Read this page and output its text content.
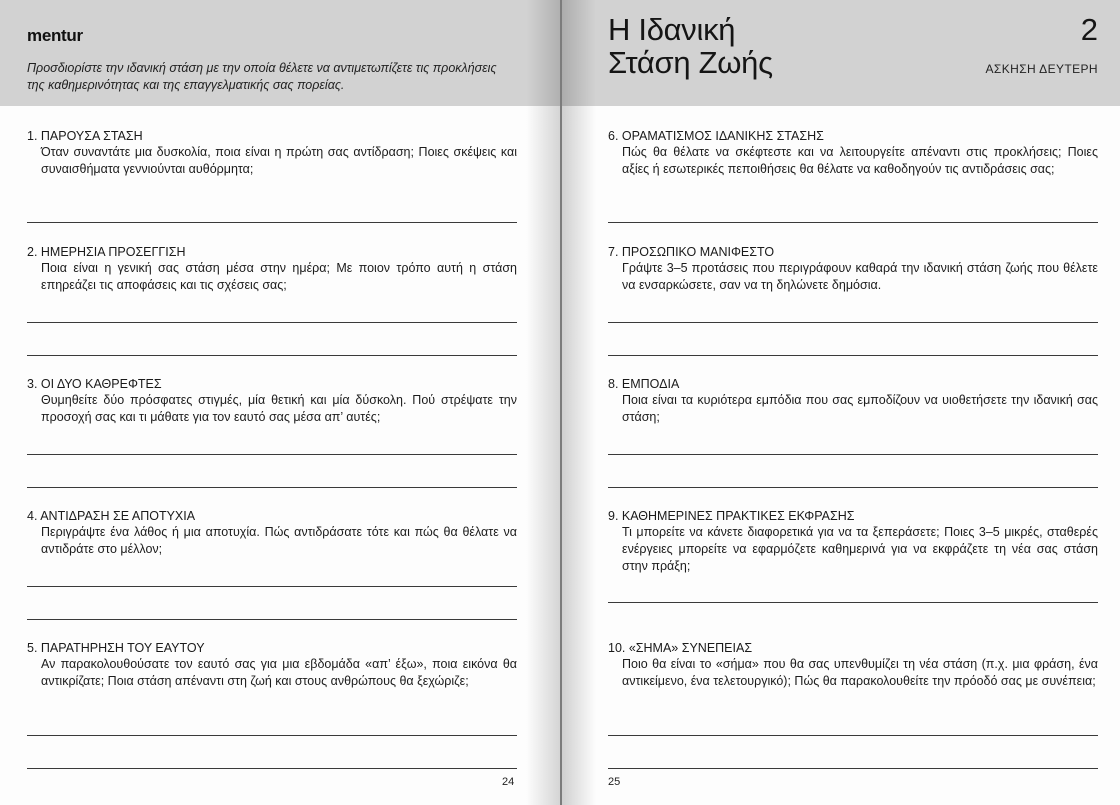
mentur
Προσδιορίστε την ιδανική στάση με την οποία θέλετε να αντιμετωπίζετε τις προκλήσεις της καθημερινότητας και της επαγγελματικής σας πορείας.
1. ΠΑΡΟΥΣΑ ΣΤΑΣΗ
Όταν συναντάτε μια δυσκολία, ποια είναι η πρώτη σας αντίδραση; Ποιες σκέψεις και συναισθήματα γεννιούνται αυθόρμητα;
2. ΗΜΕΡΗΣΙΑ ΠΡΟΣΕΓΓΙΣΗ
Ποια είναι η γενική σας στάση μέσα στην ημέρα; Με ποιον τρόπο αυτή η στάση επηρεάζει τις αποφάσεις και τις σχέσεις σας;
3. ΟΙ ΔΥΟ ΚΑΘΡΕΦΤΕΣ
Θυμηθείτε δύο πρόσφατες στιγμές, μία θετική και μία δύσκολη. Πού στρέψατε την προσοχή σας και τι μάθατε για τον εαυτό σας μέσα απ’ αυτές;
4. ΑΝΤΙΔΡΑΣΗ ΣΕ ΑΠΟΤΥΧΙΑ
Περιγράψτε ένα λάθος ή μια αποτυχία. Πώς αντιδράσατε τότε και πώς θα θέλατε να αντιδράτε στο μέλλον;
5. ΠΑΡΑΤΗΡΗΣΗ ΤΟΥ ΕΑΥΤΟΥ
Αν παρακολουθούσατε τον εαυτό σας για μια εβδομάδα «απ’ έξω», ποια εικόνα θα αντικρίζατε; Ποια στάση απέναντι στη ζωή και στους ανθρώπους θα ξεχώριζε;
24
Η Ιδανική
Στάση Ζωής
2
ΑΣΚΗΣΗ ΔΕΥΤΕΡΗ
6. ΟΡΑΜΑΤΙΣΜΟΣ ΙΔΑΝΙΚΗΣ ΣΤΑΣΗΣ
Πώς θα θέλατε να σκέφτεστε και να λειτουργείτε απέναντι στις προκλήσεις; Ποιες αξίες ή εσωτερικές πεποιθήσεις θα θέλατε να καθοδηγούν τις αντιδράσεις σας;
7. ΠΡΟΣΩΠΙΚΟ ΜΑΝΙΦΕΣΤΟ
Γράψτε 3–5 προτάσεις που περιγράφουν καθαρά την ιδανική στάση ζωής που θέλετε να ενσαρκώσετε, σαν να τη δηλώνετε δημόσια.
8. ΕΜΠΟΔΙΑ
Ποια είναι τα κυριότερα εμπόδια που σας εμποδίζουν να υιοθετήσετε την ιδανική σας στάση;
9. ΚΑΘΗΜΕΡΙΝΕΣ ΠΡΑΚΤΙΚΕΣ ΕΚΦΡΑΣΗΣ
Τι μπορείτε να κάνετε διαφορετικά για να τα ξεπεράσετε; Ποιες 3–5 μικρές, σταθερές ενέργειες μπορείτε να εφαρμόζετε καθημερινά για να εκφράζετε τη νέα σας στάση στην πράξη;
10. «ΣΗΜΑ» ΣΥΝΕΠΕΙΑΣ
Ποιο θα είναι το «σήμα» που θα σας υπενθυμίζει τη νέα στάση (π.χ. μια φράση, ένα αντικείμενο, ένα τελετουργικό); Πώς θα παρακολουθείτε την πρόοδό σας με συνέπεια;
25
